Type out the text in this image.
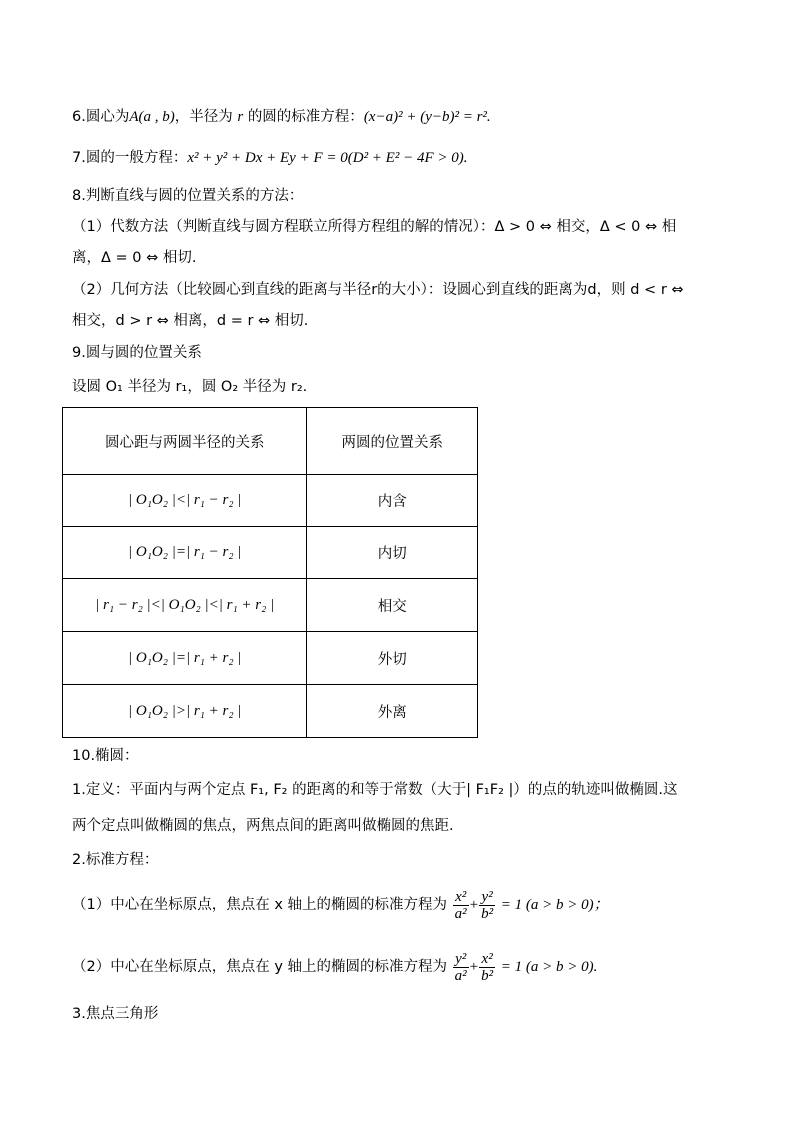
6.圆心为A(a , b)，半径为 r 的圆的标准方程：(x−a)² + (y−b)² = r².
7.圆的一般方程：x² + y² + Dx + Ey + F = 0(D² + E² − 4F > 0).
8.判断直线与圆的位置关系的方法：
（1）代数方法（判断直线与圆方程联立所得方程组的解的情况）：Δ > 0 ⇔ 相交，Δ < 0 ⇔ 相
离，Δ = 0 ⇔ 相切.
（2）几何方法（比较圆心到直线的距离与半径r的大小）：设圆心到直线的距离为d，则 d < r ⇔
相交，d > r ⇔ 相离，d = r ⇔ 相切.
9.圆与圆的位置关系
设圆 O₁ 半径为 r₁，圆 O₂ 半径为 r₂.
圆心距与两圆半径的关系	两圆的位置关系
| O₁O₂ |<| r₁ − r₂ |	内含
| O₁O₂ |=| r₁ − r₂ |	内切
| r₁ − r₂ |<| O₁O₂ |<| r₁ + r₂ |	相交
| O₁O₂ |=| r₁ + r₂ |	外切
| O₁O₂ |>| r₁ + r₂ |	外离
10.椭圆：
1.定义：平面内与两个定点 F₁, F₂ 的距离的和等于常数（大于| F₁F₂ |）的点的轨迹叫做椭圆.这
两个定点叫做椭圆的焦点，两焦点间的距离叫做椭圆的焦距.
2.标准方程：
（1）中心在坐标原点，焦点在 x 轴上的椭圆的标准方程为 $\frac{\text{x²}}{\text{a²}} + \frac{\text{y²}}{\text{b²}} = 1$ (a > b > 0)；
（2）中心在坐标原点，焦点在 y 轴上的椭圆的标准方程为 $\frac{\text{y²}}{\text{a²}} + \frac{\text{x²}}{\text{b²}} = 1$ (a > b > 0).
3.焦点三角形
